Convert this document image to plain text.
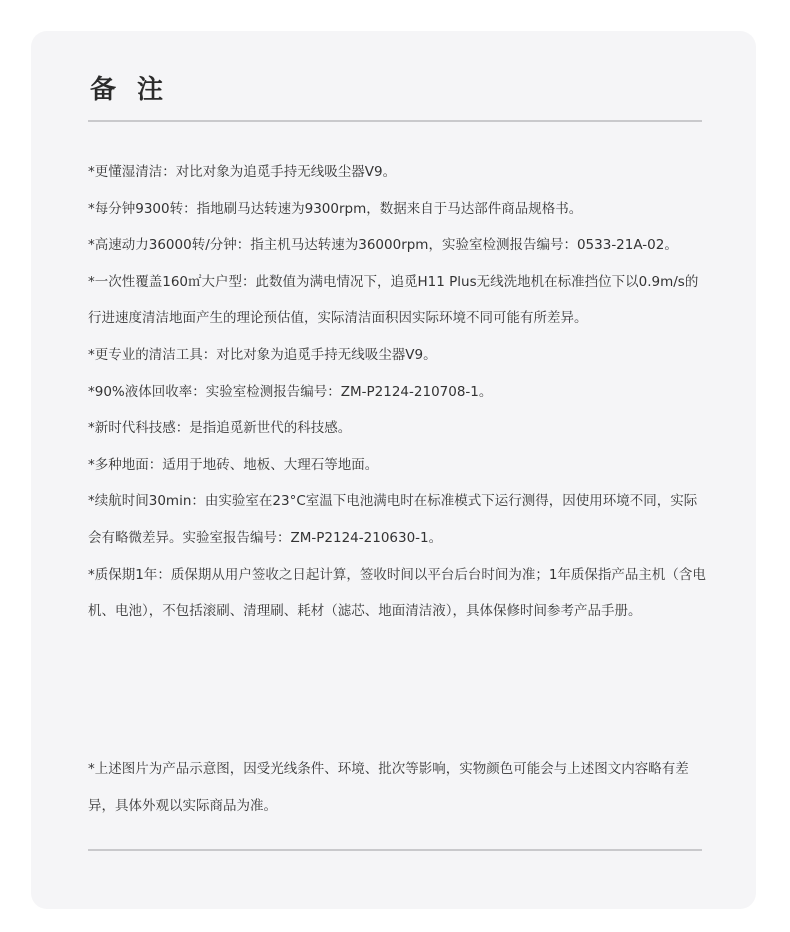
备 注
*更懂湿清洁：对比对象为追觅手持无线吸尘器V9。
*每分钟9300转：指地刷马达转速为9300rpm，数据来自于马达部件商品规格书。
*高速动力36000转/分钟：指主机马达转速为36000rpm，实验室检测报告编号：0533-21A-02。
*一次性覆盖160㎡大户型：此数值为满电情况下，追觅H11 Plus无线洗地机在标准挡位下以0.9m/s的行进速度清洁地面产生的理论预估值，实际清洁面积因实际环境不同可能有所差异。
*更专业的清洁工具：对比对象为追觅手持无线吸尘器V9。
*90%液体回收率：实验室检测报告编号：ZM-P2124-210708-1。
*新时代科技感：是指追觅新世代的科技感。
*多种地面：适用于地砖、地板、大理石等地面。
*续航时间30min：由实验室在23°C室温下电池满电时在标准模式下运行测得，因使用环境不同，实际会有略微差异。实验室报告编号：ZM-P2124-210630-1。
*质保期1年：质保期从用户签收之日起计算，签收时间以平台后台时间为准；1年质保指产品主机（含电机、电池），不包括滚刷、清理刷、耗材（滤芯、地面清洁液），具体保修时间参考产品手册。

*上述图片为产品示意图，因受光线条件、环境、批次等影响，实物颜色可能会与上述图文内容略有差异，具体外观以实际商品为准。
